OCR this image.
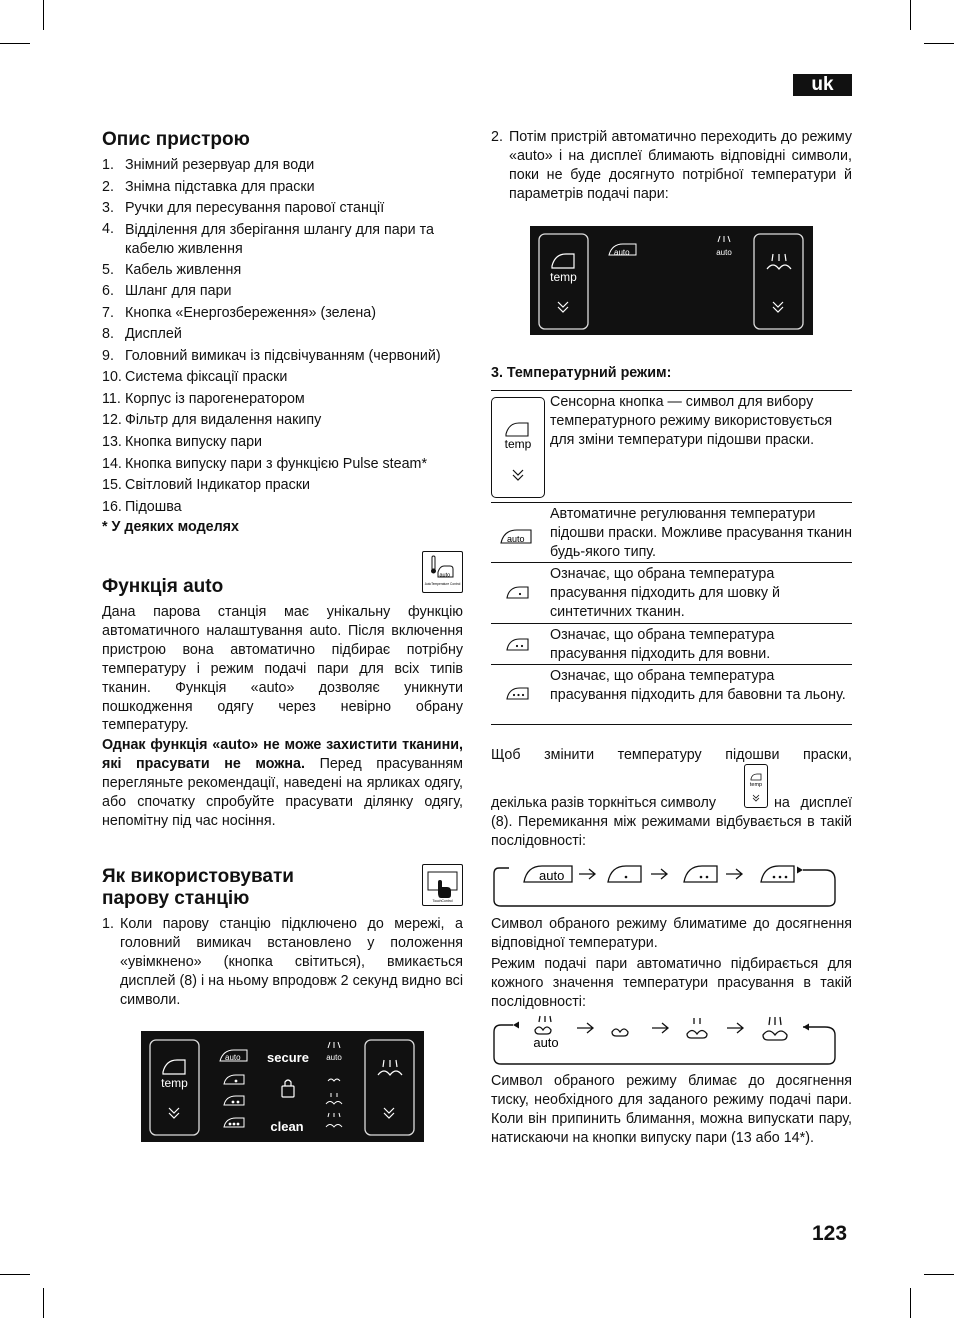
uk
Опис пристрою
1. Знімний резервуар для води
2. Знімна підставка для праски
3. Ручки для пересування парової станції
4. Відділення для зберігання шлангу для пари та кабелю живлення
5. Кабель живлення
6. Шланг для пари
7. Кнопка «Енергозбереження» (зелена)
8. Дисплей
9. Головний вимикач із підсвічуванням (червоний)
10. Система фіксації праски
11. Корпус із парогенератором
12. Фільтр для видалення накипу
13. Кнопка випуску пари
14. Кнопка випуску пари з функцією Pulse steam*
15. Світловий Індикатор праски
16. Підошва
* У деяких моделях
Функція auto
auto
AutoTemperature Control
Дана парова станція має унікальну функцію автоматичного налаштування auto. Після включення пристрою вона автоматично підбирає потрібну температуру і режим подачі пари для всіх типів тканин. Функція «auto» дозволяє уникнути пошкодження одягу через невірно обрану температуру.
Однак функція «auto» не може захистити тканини, які прасувати не можна. Перед прасуванням перегляньте рекомендації, наведені на ярликах одягу, або спочатку спробуйте прасувати ділянку одягу, непомітну під час носіння.
Як використовувати
парову станцію	TouchControl
1. Коли парову станцію підключено до мережі, а головний вимикач встановлено у положення «увімкнено» (кнопка світиться), вмикається дисплей (8) і на ньому впродовж 2 секунд видно всі символи.
temp
auto secure
clean
auto
2. Потім пристрій автоматично переходить до режиму «auto» і на дисплеї блимають відповідні символи, поки не буде досягнуто потрібної температури й параметрів подачі пари:
temp
auto	auto
3. Температурний режим:
temp
Сенсорна кнопка — символ для вибору температурного режиму використовується для зміни температури підошви праски.
auto
Автоматичне регулювання температури підошви праски. Можливе прасування тканин будь-якого типу.
Означає, що обрана температура прасування підходить для шовку й синтетичних тканин.
Означає, що обрана температура прасування підходить для вовни.
Означає, що обрана температура прасування підходить для бавовни та льону.
Щоб змінити температуру підошви праски,
temp
декілька разів торкніться символу	на дисплеї (8). Перемикання між режимами відбувається в такій послідовності:
auto
Символ обраного режиму блиматиме до досягнення відповідної температури.
Режим подачі пари автоматично підбирається для кожного значення температури прасування в такій послідовності:
auto
Символ обраного режиму блимає до досягнення тиску, необхідного для заданого режиму подачі пари. Коли він припинить блимання, можна випускати пару, натискаючи на кнопки випуску пари (13 або 14*).
123
